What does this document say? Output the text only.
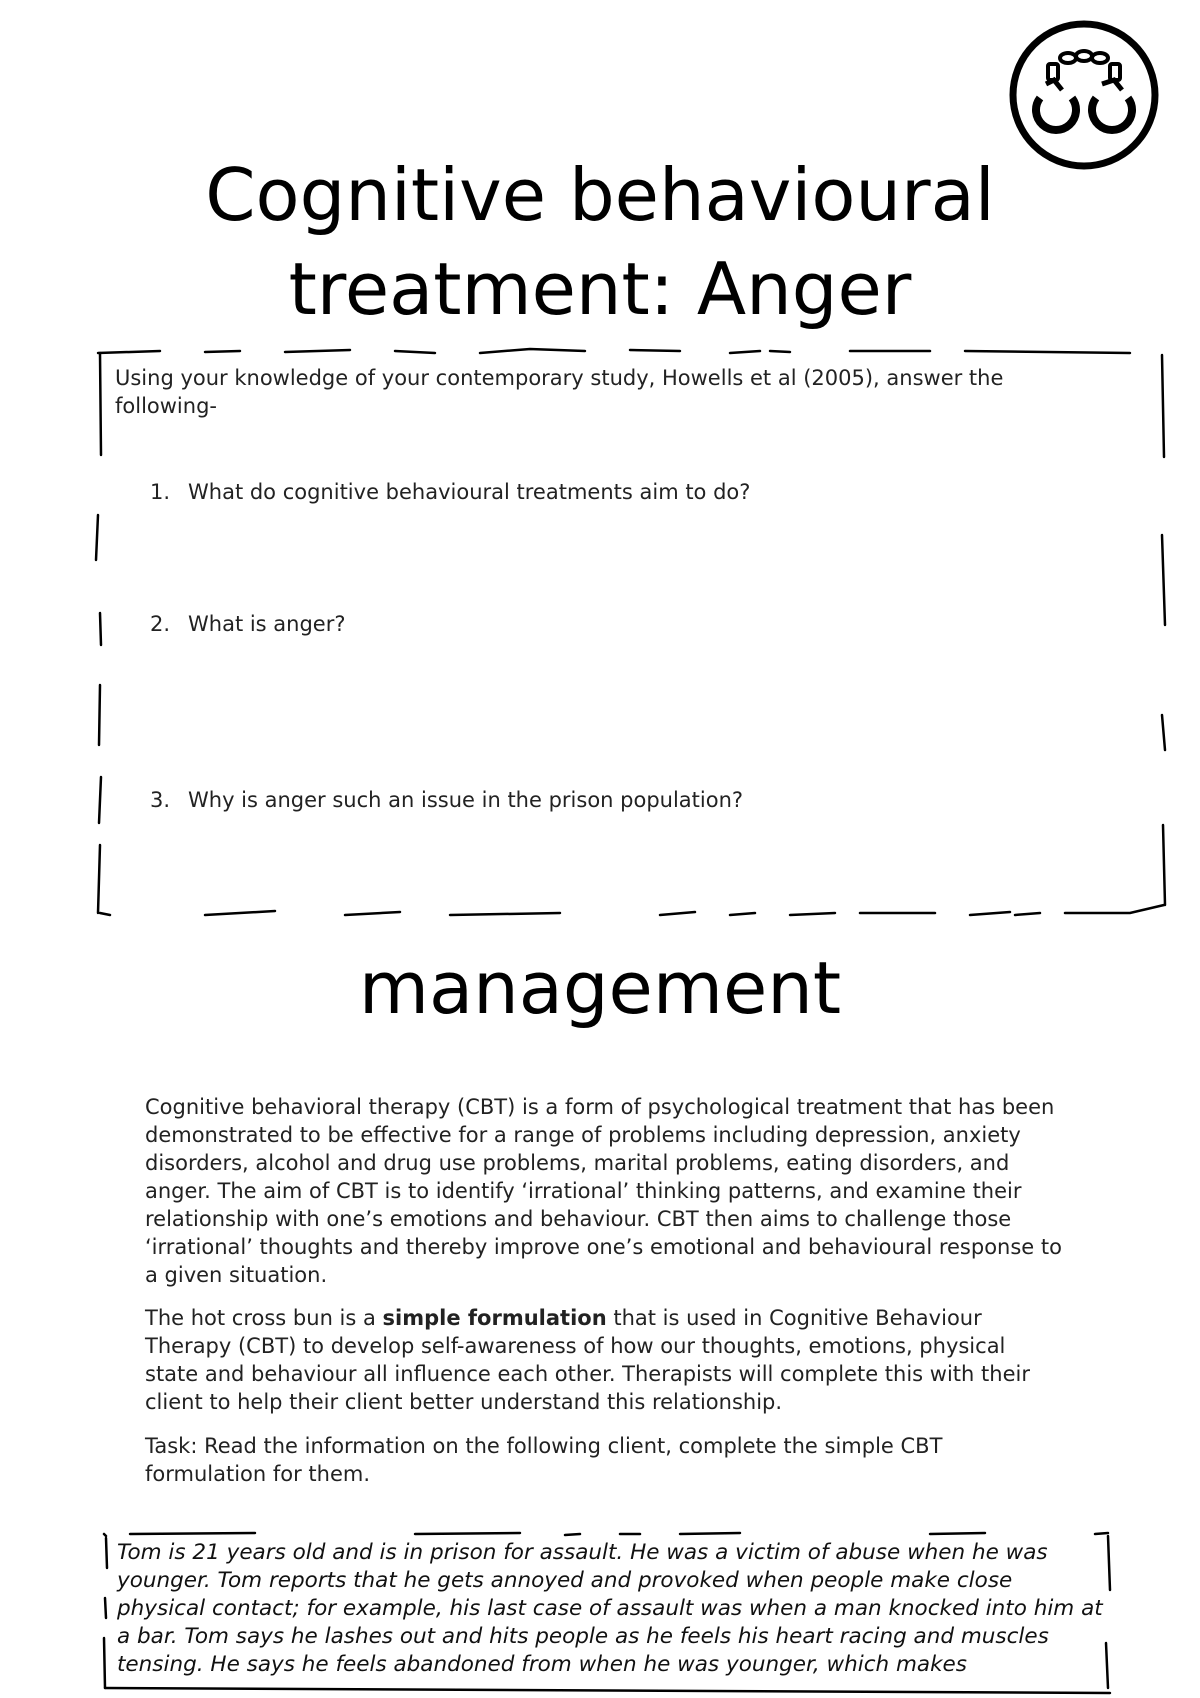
Cognitive behavioural
treatment: Anger
Using your knowledge of your contemporary study, Howells et al (2005), answer the following-
1. What do cognitive behavioural treatments aim to do?
2. What is anger?
3. Why is anger such an issue in the prison population?
management

Cognitive behavioral therapy (CBT) is a form of psychological treatment that has been demonstrated to be effective for a range of problems including depression, anxiety disorders, alcohol and drug use problems, marital problems, eating disorders, and anger. The aim of CBT is to identify ‘irrational’ thinking patterns, and examine their relationship with one’s emotions and behaviour. CBT then aims to challenge those ‘irrational’ thoughts and thereby improve one’s emotional and behavioural response to a given situation.

The hot cross bun is a simple formulation that is used in Cognitive Behaviour Therapy (CBT) to develop self-awareness of how our thoughts, emotions, physical state and behaviour all influence each other. Therapists will complete this with their client to help their client better understand this relationship.

Task: Read the information on the following client, complete the simple CBT formulation for them.

Tom is 21 years old and is in prison for assault. He was a victim of abuse when he was younger. Tom reports that he gets annoyed and provoked when people make close physical contact; for example, his last case of assault was when a man knocked into him at a bar. Tom says he lashes out and hits people as he feels his heart racing and muscles tensing. He says he feels abandoned from when he was younger, which makes
